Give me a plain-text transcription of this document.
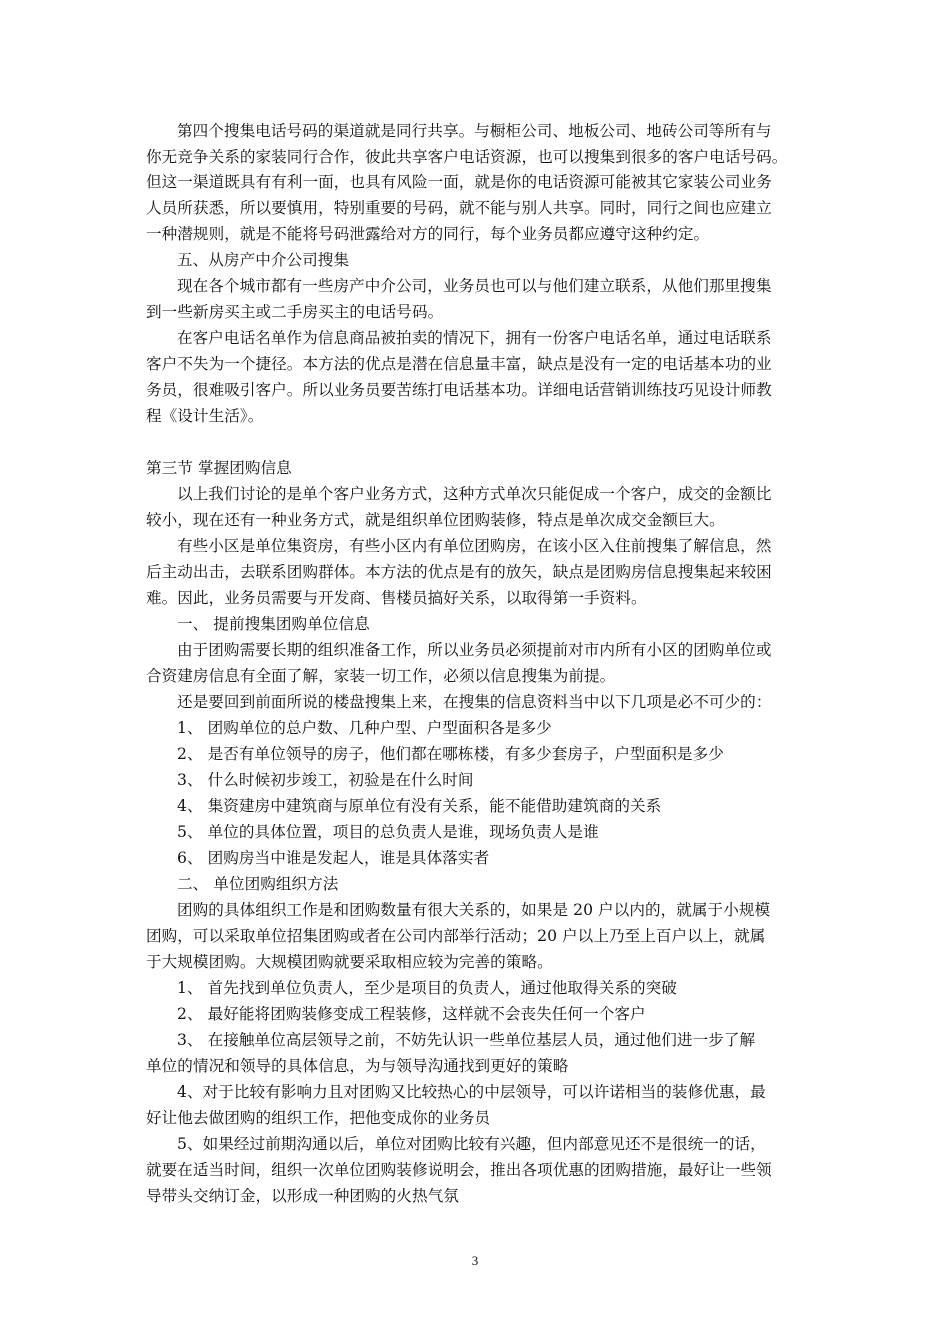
第四个搜集电话号码的渠道就是同行共享。与橱柜公司、地板公司、地砖公司等所有与
你无竞争关系的家装同行合作，彼此共享客户电话资源，也可以搜集到很多的客户电话号码。
但这一渠道既具有有利一面，也具有风险一面，就是你的电话资源可能被其它家装公司业务
人员所获悉，所以要慎用，特别重要的号码，就不能与别人共享。同时，同行之间也应建立
一种潜规则，就是不能将号码泄露给对方的同行，每个业务员都应遵守这种约定。
五、从房产中介公司搜集
现在各个城市都有一些房产中介公司，业务员也可以与他们建立联系，从他们那里搜集
到一些新房买主或二手房买主的电话号码。
在客户电话名单作为信息商品被拍卖的情况下，拥有一份客户电话名单，通过电话联系
客户不失为一个捷径。本方法的优点是潜在信息量丰富，缺点是没有一定的电话基本功的业
务员，很难吸引客户。所以业务员要苦练打电话基本功。详细电话营销训练技巧见设计师教
程《设计生活》。
第三节 掌握团购信息
以上我们讨论的是单个客户业务方式，这种方式单次只能促成一个客户，成交的金额比
较小，现在还有一种业务方式，就是组织单位团购装修，特点是单次成交金额巨大。
有些小区是单位集资房，有些小区内有单位团购房，在该小区入住前搜集了解信息，然
后主动出击，去联系团购群体。本方法的优点是有的放矢，缺点是团购房信息搜集起来较困
难。因此，业务员需要与开发商、售楼员搞好关系，以取得第一手资料。
一、 提前搜集团购单位信息
由于团购需要长期的组织准备工作，所以业务员必须提前对市内所有小区的团购单位或
合资建房信息有全面了解，家装一切工作，必须以信息搜集为前提。
还是要回到前面所说的楼盘搜集上来，在搜集的信息资料当中以下几项是必不可少的：
1、 团购单位的总户数、几种户型、户型面积各是多少
2、 是否有单位领导的房子，他们都在哪栋楼，有多少套房子，户型面积是多少
3、 什么时候初步竣工，初验是在什么时间
4、 集资建房中建筑商与原单位有没有关系，能不能借助建筑商的关系
5、 单位的具体位置，项目的总负责人是谁，现场负责人是谁
6、 团购房当中谁是发起人，谁是具体落实者
二、 单位团购组织方法
团购的具体组织工作是和团购数量有很大关系的，如果是 20 户以内的，就属于小规模
团购，可以采取单位招集团购或者在公司内部举行活动；20 户以上乃至上百户以上，就属
于大规模团购。大规模团购就要采取相应较为完善的策略。
1、 首先找到单位负责人，至少是项目的负责人，通过他取得关系的突破
2、 最好能将团购装修变成工程装修，这样就不会丧失任何一个客户
3、 在接触单位高层领导之前，不妨先认识一些单位基层人员，通过他们进一步了解
单位的情况和领导的具体信息，为与领导沟通找到更好的策略
4、对于比较有影响力且对团购又比较热心的中层领导，可以许诺相当的装修优惠，最
好让他去做团购的组织工作，把他变成你的业务员
5、如果经过前期沟通以后，单位对团购比较有兴趣，但内部意见还不是很统一的话，
就要在适当时间，组织一次单位团购装修说明会，推出各项优惠的团购措施，最好让一些领
导带头交纳订金，以形成一种团购的火热气氛
3
